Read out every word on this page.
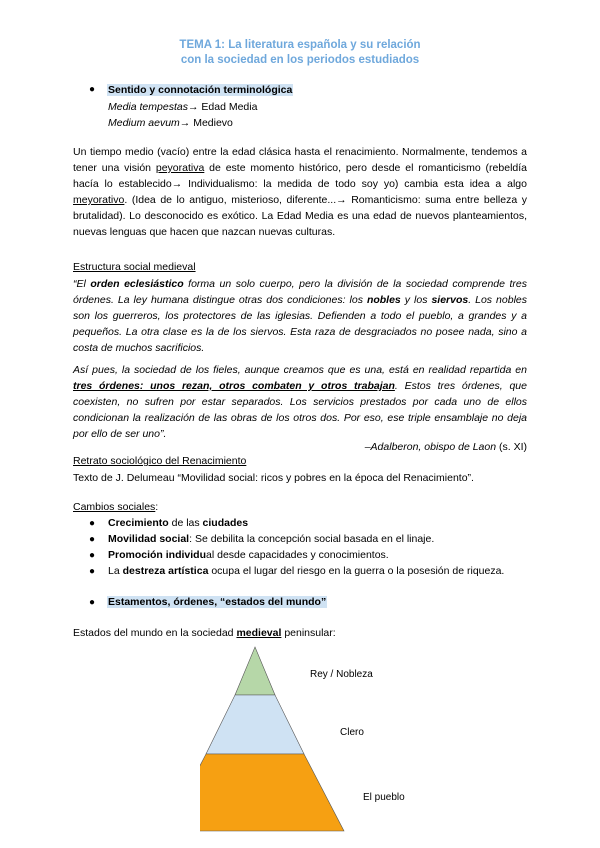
TEMA 1: La literatura española y su relación
con la sociedad en los periodos estudiados
● Sentido y connotación terminológica
Media tempestas→ Edad Media
Medium aevum→ Medievo
Un tiempo medio (vacío) entre la edad clásica hasta el renacimiento. Normalmente, tendemos a tener una visión peyorativa de este momento histórico, pero desde el romanticismo (rebeldía hacía lo establecido→ Individualismo: la medida de todo soy yo) cambia esta idea a algo meyorativo. (Idea de lo antiguo, misterioso, diferente...→ Romanticismo: suma entre belleza y brutalidad). Lo desconocido es exótico. La Edad Media es una edad de nuevos planteamientos, nuevas lenguas que hacen que nazcan nuevas culturas.
Estructura social medieval
“El orden eclesiástico forma un solo cuerpo, pero la división de la sociedad comprende tres órdenes. La ley humana distingue otras dos condiciones: los nobles y los siervos. Los nobles son los guerreros, los protectores de las iglesias. Defienden a todo el pueblo, a grandes y a pequeños. La otra clase es la de los siervos. Esta raza de desgraciados no posee nada, sino a costa de muchos sacrificios.
Así pues, la sociedad de los fieles, aunque creamos que es una, está en realidad repartida en tres órdenes: unos rezan, otros combaten y otros trabajan. Estos tres órdenes, que coexisten, no sufren por estar separados. Los servicios prestados por cada uno de ellos condicionan la realización de las obras de los otros dos. Por eso, ese triple ensamblaje no deja por ello de ser uno”.
–Adalberon, obispo de Laon (s. XI)
Retrato sociológico del Renacimiento
Texto de J. Delumeau “Movilidad social: ricos y pobres en la época del Renacimiento”.
Cambios sociales:
● Crecimiento de las ciudades
● Movilidad social: Se debilita la concepción social basada en el linaje.
● Promoción individual desde capacidades y conocimientos.
● La destreza artística ocupa el lugar del riesgo en la guerra o la posesión de riqueza.
● Estamentos, órdenes, “estados del mundo”
Estados del mundo en la sociedad medieval peninsular:
Rey / Nobleza
Clero
El pueblo
